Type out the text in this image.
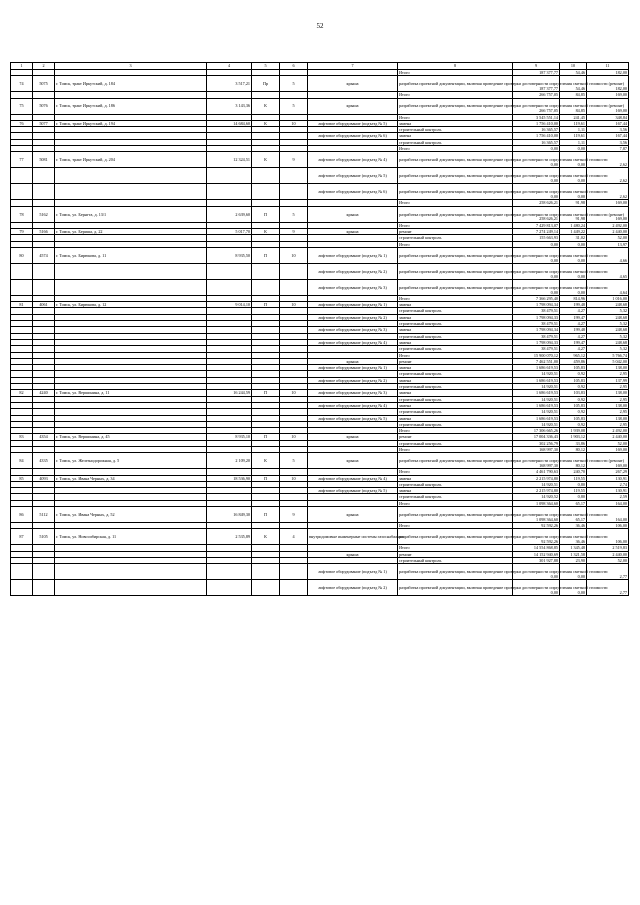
52
1	2	3	4	5	6	7	8	9	10	11
							Итого	187 377,77	54,46	182,00
74	5075	г. Томск, тракт Иркутский, д. 184	3 517,21	Пр	5	крыша	разработка проектной документации, включая проведение проверки достоверности определения сметной стоимости (ремонт)	187 377,77	54,46	182,00
							Итого	266 757,05	84,85	169,00
75	5076	г. Томск, тракт Иркутский, д. 186	3 143,36	К	5	крыша	разработка проектной документации, включая проведение проверки достоверности определения сметной стоимости (ремонт)	266 757,05	84,85	169,00
							Итого	3 545 551,14	241,45	348,84
76	5077	г. Томск, тракт Иркутский, д. 194	14 684,60	К	10	лифтовое оборудование (подъезд № 5)	замена	1 756 410,00	119,61	167,44
							строительный контроль	16 365,57	1,11	3,56
						лифтовое оборудование (подъезд № 6)	замена	1 756 410,00	119,61	167,44
							строительный контроль	16 365,57	1,11	3,56
							Итого	0,00	0,00	7,87
77	5081	г. Томск, тракт Иркутский, д. 204	12 324,51	К	9	лифтовое оборудование (подъезд № 4)	разработка проектной документации, включая проведение проверки достоверности определения сметной стоимости	0,00	0,00	2,62
						лифтовое оборудование (подъезд № 5)	разработка проектной документации, включая проведение проверки достоверности определения сметной стоимости	0,00	0,00	2,62
						лифтовое оборудование (подъезд № 6)	разработка проектной документации, включая проведение проверки достоверности определения сметной стоимости	0,00	0,00	2,62
							Итого	258 626,21	91,98	169,00
78	5162	г. Томск, ул. Бернгта, д. 13/1	2 639,60	П	5	крыша	разработка проектной документации, включая проведение проверки достоверности определения сметной стоимости (ремонт)	258 626,21	91,98	169,00
							Итого	7 429 813,07	1 480,24	2 492,00
79	5166	г. Томск, ул. Бериша, д. 22	5 017,70	К	9	крыша	ремонт	7 274 249,14	1 449,22	2 440,00
							строительный контроль	155 663,93	31,02	52,00
							Итого	0,00	0,00	13,97
80	4574	г. Томск, ул. Бирюкова, д. 11	8 935,50	П	10	лифтовое оборудование (подъезд № 1)	разработка проектной документации, включая проведение проверки достоверности определения сметной стоимости	0,00	0,00	4,66
						лифтовое оборудование (подъезд № 2)	разработка проектной документации, включая проведение проверки достоверности определения сметной стоимости	0,00	0,00	4,65
						лифтовое оборудование (подъезд № 3)	разработка проектной документации, включая проведение проверки достоверности определения сметной стоимости	0,00	0,00	4,64
							Итого	7 366 295,40	814,96	1 016,00
81	4061	г. Томск, ул. Бирюкова, д. 12	9 014,10	П	10	лифтовое оборудование (подъезд № 1)	замена	1 798 094,34	199,48	248,68
							строительный контроль	38 479,51	4,27	5,32
						лифтовое оборудование (подъезд № 2)	замена	1 798 094,33	199,47	248,68
							строительный контроль	38 479,51	4,27	5,32
						лифтовое оборудование (подъезд № 3)	замена	1 798 094,34	199,48	248,68
							строительный контроль	38 479,51	4,27	5,32
						лифтовое оборудование (подъезд № 4)	замена	1 798 094,33	199,47	248,68
							строительный контроль	38 479,51	4,27	5,32
							Итого	15 900 070,12	965,12	5 766,74
						крыша	ремонт	7 462 551,00	459,86	5 042,00
						лифтовое оборудование (подъезд № 1)	замена	1 686 619,53	105,83	138,00
							строительный контроль	14 920,51	0,92	2,95
						лифтовое оборудование (подъезд № 2)	замена	1 686 619,53	105,83	137,99
							строительный контроль	14 920,51	0,92	2,95
82	4240	г. Томск, ул. Вершинина, д. 11	16 244,59	П	10	лифтовое оборудование (подъезд № 3)	замена	1 686 619,53	103,83	138,00
							строительный контроль	14 920,51	0,92	2,95
						лифтовое оборудование (подъезд № 4)	замена	1 686 619,53	105,83	138,00
							строительный контроль	14 920,51	0,92	2,95
						лифтовое оборудование (подъезд № 5)	замена	1 686 619,53	105,83	138,00
							строительный контроль	14 920,51	0,92	2,95
							Итого	17 306 665,26	1 939,08	2 492,00
83	4354	г. Томск, ул. Вершинина, д. 45	8 935,10	П	10	крыша	ремонт	17 004 336,43	1 903,12	2 440,00
							строительный контроль	302 256,79	33,86	52,00
							Итого	168 997,30	80,12	169,00
84	4335	г. Томск, ул. Железнодорожная, д. 5	2 109,20	К	5	крыша	разработка проектной документации, включая проведение проверки достоверности определения сметной стоимости (ремонт)	168 997,30	80,12	169,00
							Итого	4 461 790,63	240,70	267,29
85	4093	г. Томск, ул. Ивана Черных, д. 34	18 536,90	П	10	лифтовое оборудование (подъезд № 4)	замена	2 215 974,80	119,55	130,91
							строительный контроль	14 920,51	0,80	2,74
						лифтовое оборудование (подъезд № 5)	замена	2 215 974,80	119,55	130,91
							строительный контроль	14 920,52	0,80	2,59
							Итого	1 098 364,60	65,17	164,00
86	5112	г. Томск, ул. Ивана Черных, д. 52	16 849,30	П	9	крыша	разработка проектной документации, включая проведение проверки достоверности определения сметной стоимости	1 098 364,60	65,17	164,00
							Итого	92 592,26	36,46	106,00
87	5105	г. Томск, ул. Новосибирская, д. 11	2 535,89	К	4	внутридомовые инженерные системы газоснабжения	разработка проектной документации, включая проведение проверки достоверности определения сметной стоимости	92 592,26	36,46	106,00
							Итого	14 554 868,85	1 345,48	2 519,83
						крыша	ремонт	14 152 940,69	1 321,58	2 440,00
							строительный контроль	301 927,88	23,90	52,00
						лифтовое оборудование (подъезд № 1)	разработка проектной документации, включая проведение проверки достоверности определения сметной стоимости	0,00	0,00	2,77
						лифтовое оборудование (подъезд № 2)	разработка проектной документации, включая проведение проверки достоверности определения сметной стоимости	0,00	0,00	2,77
